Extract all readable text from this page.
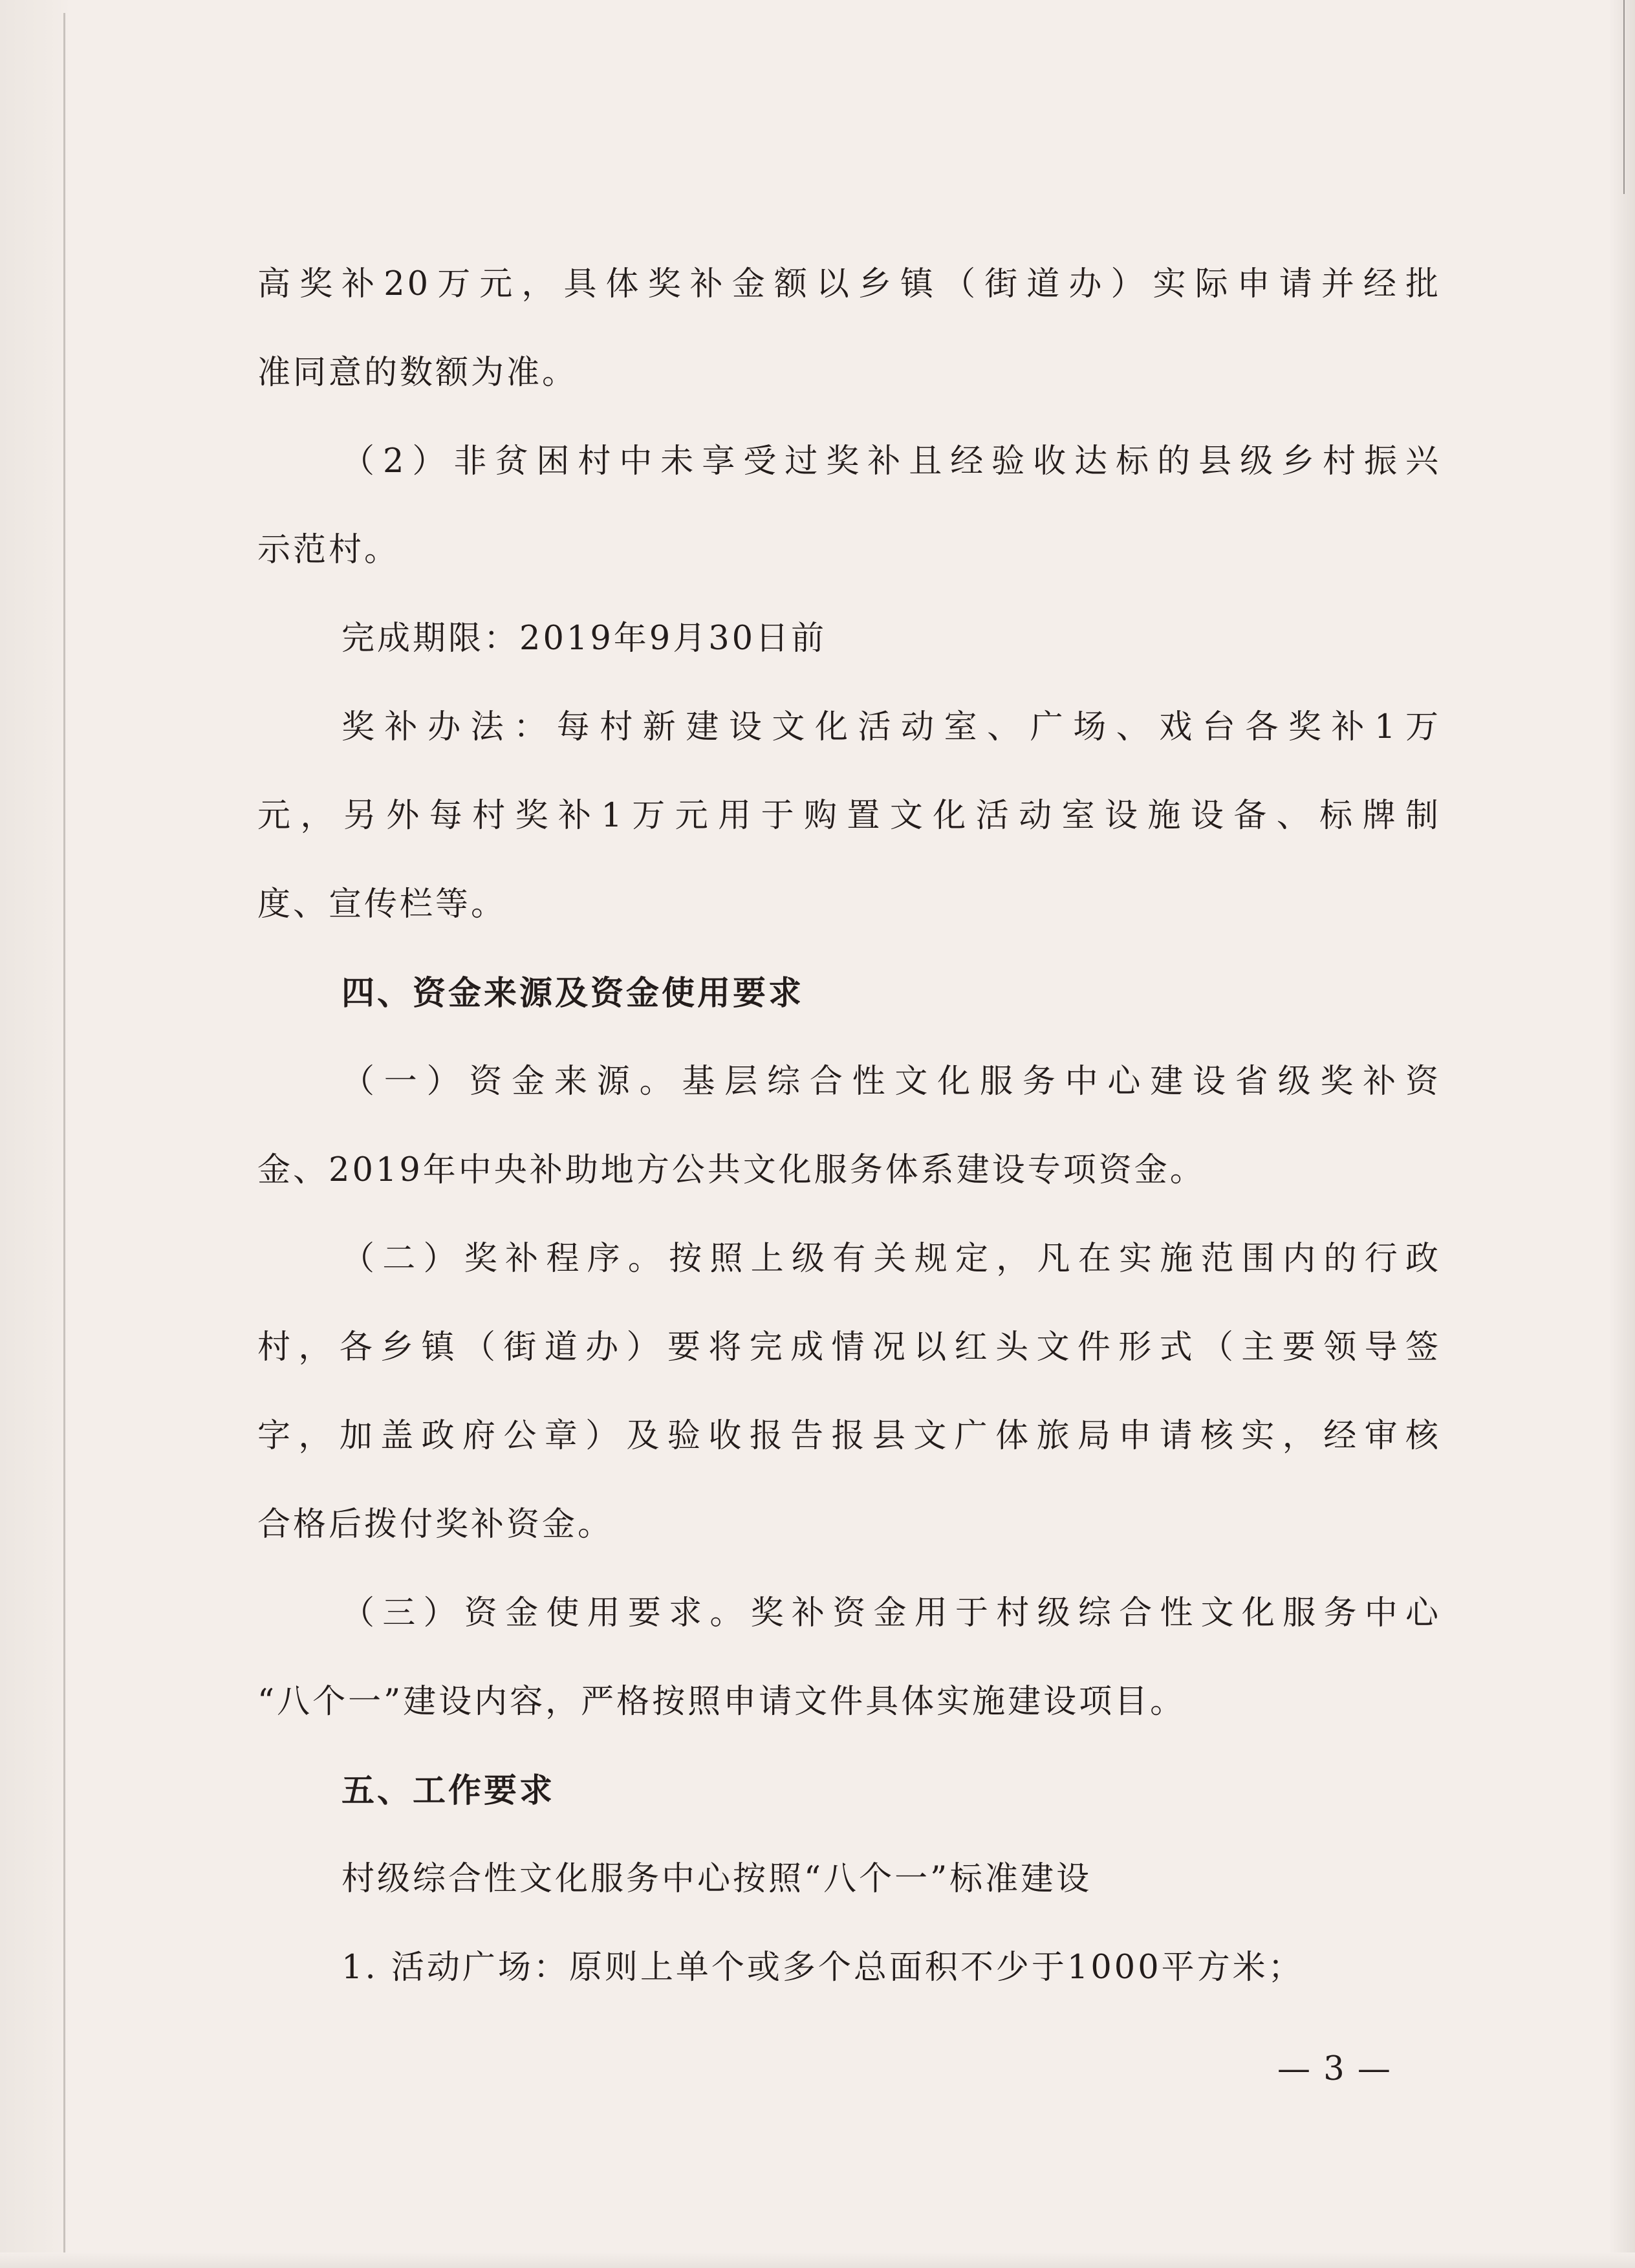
高奖补20万元，具体奖补金额以乡镇（街道办）实际申请并经批
准同意的数额为准。
（2）非贫困村中未享受过奖补且经验收达标的县级乡村振兴
示范村。
完成期限：2019年9月30日前
奖补办法：每村新建设文化活动室、广场、戏台各奖补1万
元，另外每村奖补1万元用于购置文化活动室设施设备、标牌制
度、宣传栏等。
四、资金来源及资金使用要求
（一）资金来源。基层综合性文化服务中心建设省级奖补资
金、2019年中央补助地方公共文化服务体系建设专项资金。
（二）奖补程序。按照上级有关规定，凡在实施范围内的行政
村，各乡镇（街道办）要将完成情况以红头文件形式（主要领导签
字，加盖政府公章）及验收报告报县文广体旅局申请核实，经审核
合格后拨付奖补资金。
（三）资金使用要求。奖补资金用于村级综合性文化服务中心
“八个一”建设内容，严格按照申请文件具体实施建设项目。
五、工作要求
村级综合性文化服务中心按照“八个一”标准建设
1. 活动广场：原则上单个或多个总面积不少于1000平方米；
— 3 —
